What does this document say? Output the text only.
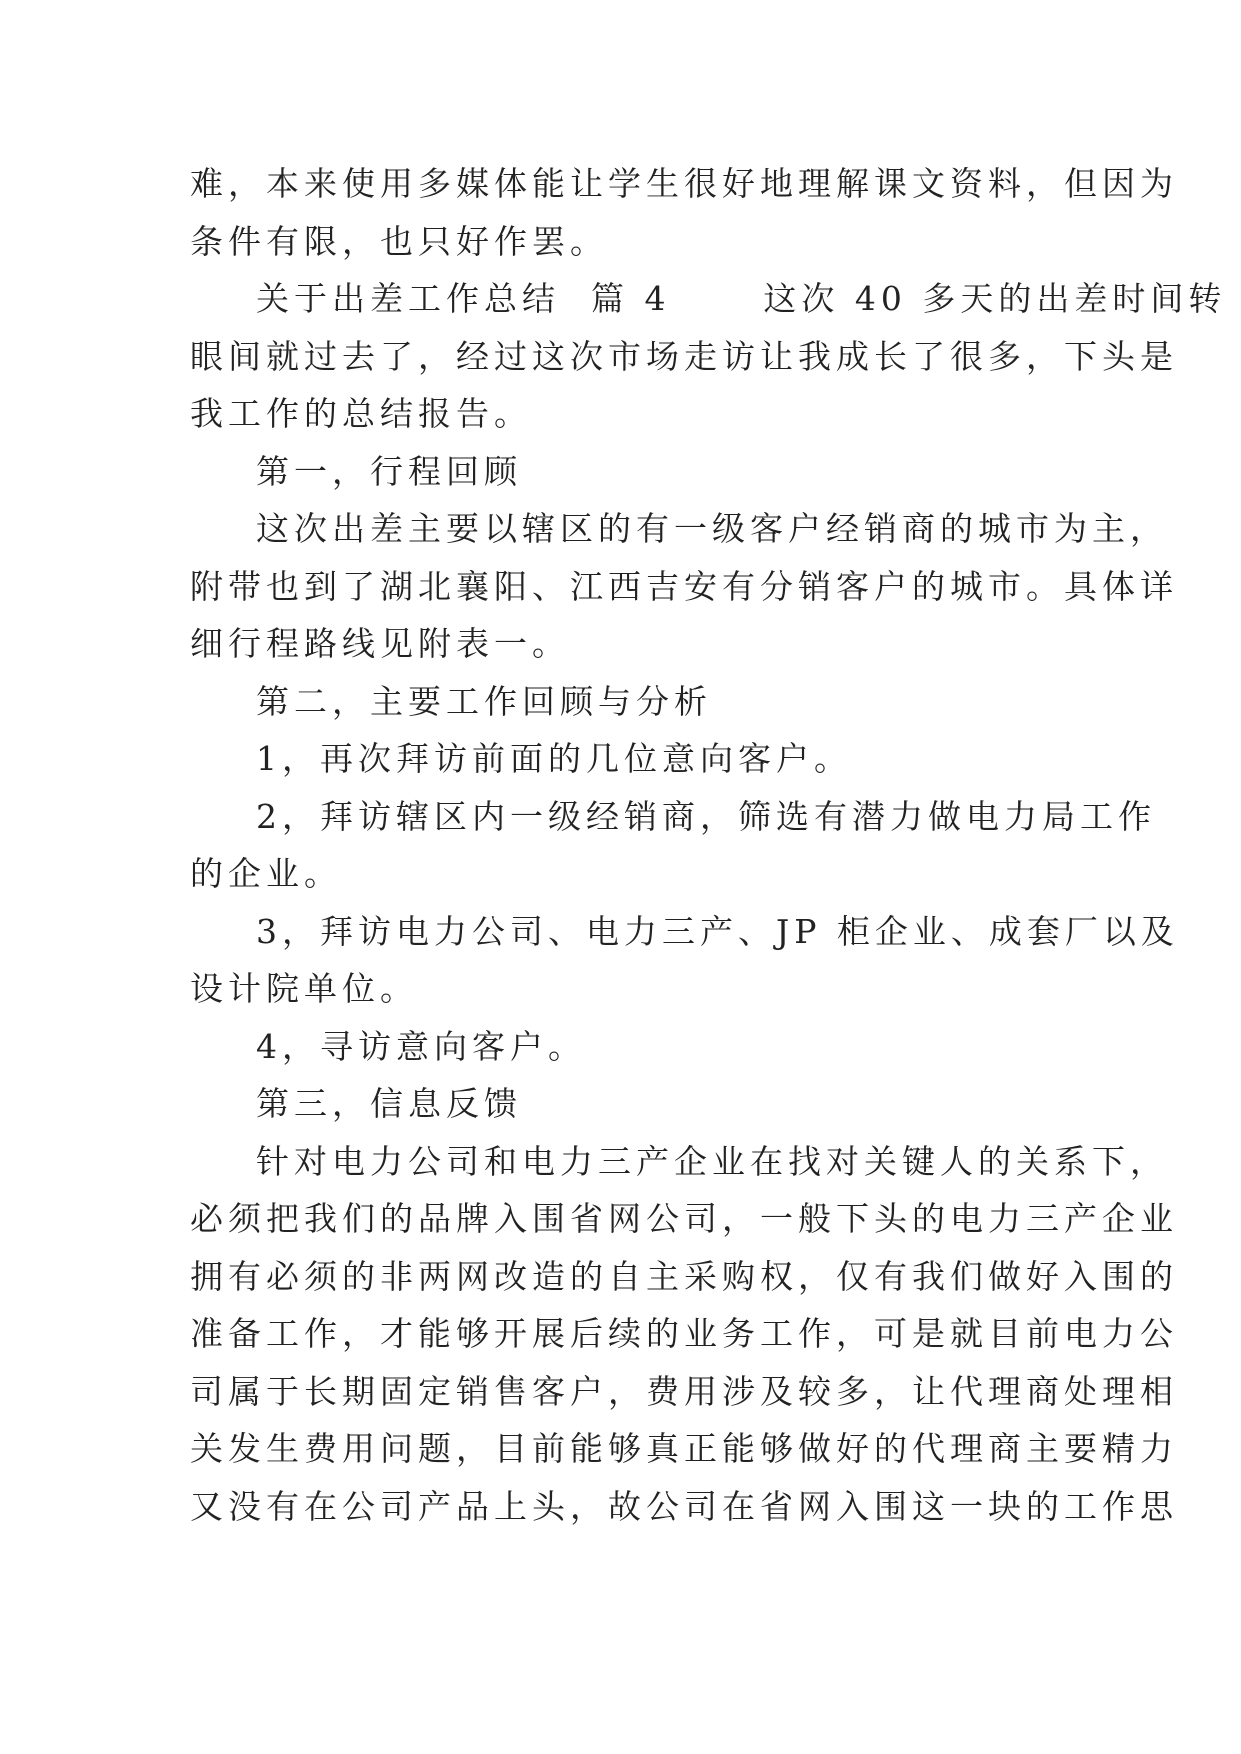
难，本来使用多媒体能让学生很好地理解课文资料，但因为
条件有限，也只好作罢。
关于出差工作总结  篇 4      这次 40 多天的出差时间转
眼间就过去了，经过这次市场走访让我成长了很多，下头是
我工作的总结报告。
第一，行程回顾
这次出差主要以辖区的有一级客户经销商的城市为主，
附带也到了湖北襄阳、江西吉安有分销客户的城市。具体详
细行程路线见附表一。
第二，主要工作回顾与分析
1，再次拜访前面的几位意向客户。
2，拜访辖区内一级经销商，筛选有潜力做电力局工作
的企业。
3，拜访电力公司、电力三产、JP 柜企业、成套厂以及
设计院单位。
4，寻访意向客户。
第三，信息反馈
针对电力公司和电力三产企业在找对关键人的关系下，
必须把我们的品牌入围省网公司，一般下头的电力三产企业
拥有必须的非两网改造的自主采购权，仅有我们做好入围的
准备工作，才能够开展后续的业务工作，可是就目前电力公
司属于长期固定销售客户，费用涉及较多，让代理商处理相
关发生费用问题，目前能够真正能够做好的代理商主要精力
又没有在公司产品上头，故公司在省网入围这一块的工作思
